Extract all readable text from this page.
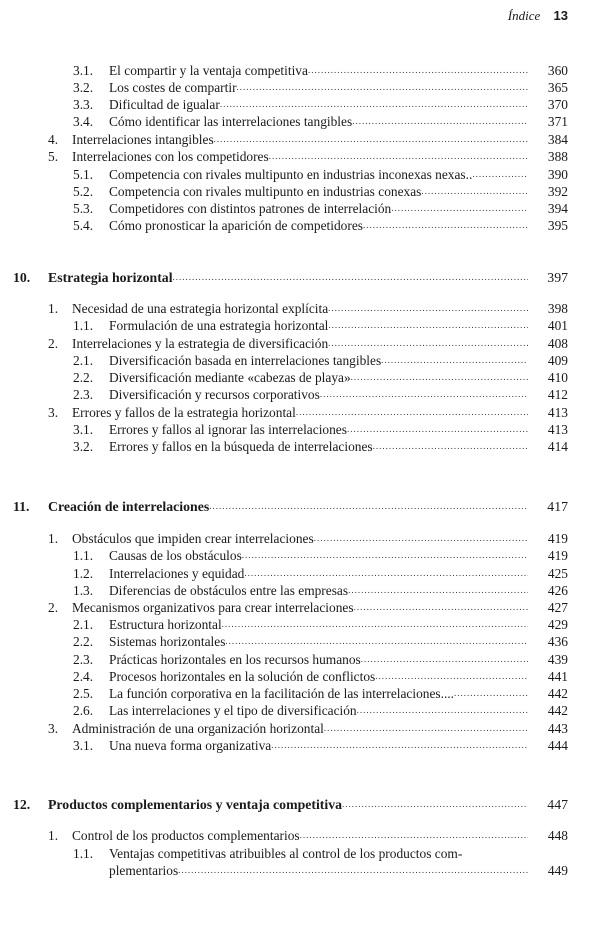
Índice 13
3.1. El compartir y la ventaja competitiva .....	360
3.2. Los costes de compartir .....	365
3.3. Dificultad de igualar .....	370
3.4. Cómo identificar las interrelaciones tangibles .....	371
4. Interrelaciones intangibles .....	384
5. Interrelaciones con los competidores .....	388
5.1. Competencia con rivales multipunto en industrias inconexas nexas.. .....	390
5.2. Competencia con rivales multipunto en industrias conexas .....	392
5.3. Competidores con distintos patrones de interrelación .....	394
5.4. Cómo pronosticar la aparición de competidores .....	395
10. Estrategia horizontal .....	397
1. Necesidad de una estrategia horizontal explícita .....	398
1.1. Formulación de una estrategia horizontal .....	401
2. Interrelaciones y la estrategia de diversificación .....	408
2.1. Diversificación basada en interrelaciones tangibles .....	409
2.2. Diversificación mediante «cabezas de playa» .....	410
2.3. Diversificación y recursos corporativos .....	412
3. Errores y fallos de la estrategia horizontal .....	413
3.1. Errores y fallos al ignorar las interrelaciones .....	413
3.2. Errores y fallos en la búsqueda de interrelaciones .....	414
11. Creación de interrelaciones .....	417
1. Obstáculos que impiden crear interrelaciones .....	419
1.1. Causas de los obstáculos .....	419
1.2. Interrelaciones y equidad .....	425
1.3. Diferencias de obstáculos entre las empresas .....	426
2. Mecanismos organizativos para crear interrelaciones .....	427
2.1. Estructura horizontal .....	429
2.2. Sistemas horizontales .....	436
2.3. Prácticas horizontales en los recursos humanos .....	439
2.4. Procesos horizontales en la solución de conflictos .....	441
2.5. La función corporativa en la facilitación de las interrelaciones.... .....	442
2.6. Las interrelaciones y el tipo de diversificación .....	442
3. Administración de una organización horizontal .....	443
3.1. Una nueva forma organizativa .....	444
12. Productos complementarios y ventaja competitiva .....	447
1. Control de los productos complementarios .....	448
1.1. Ventajas competitivas atribuibles al control de los productos com-
plementarios .....	449
